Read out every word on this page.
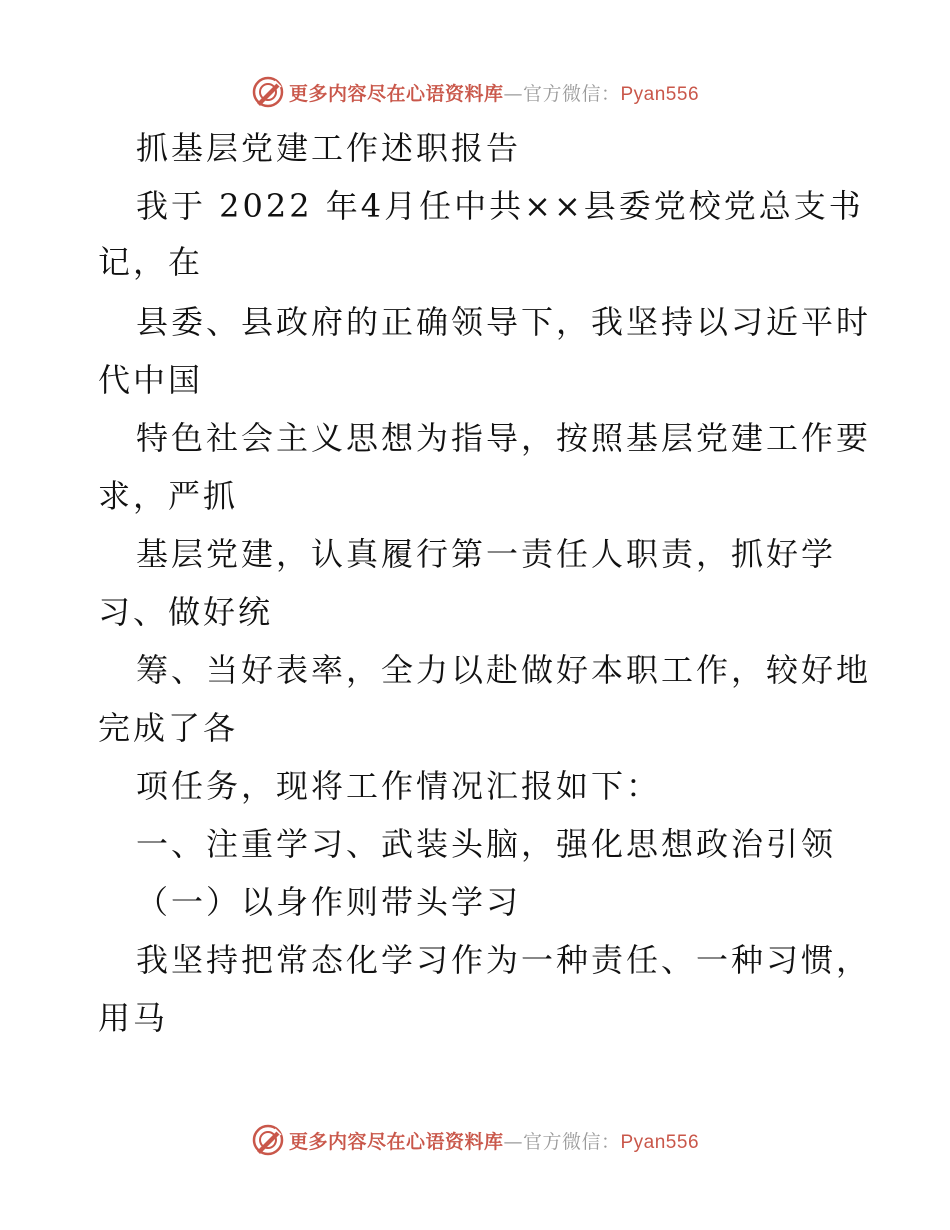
更多内容尽在心语资料库—官方微信：Pyan556
抓基层党建工作述职报告
我于 2022 年4月任中共××县委党校党总支书
记，在
县委、县政府的正确领导下，我坚持以习近平时
代中国
特色社会主义思想为指导，按照基层党建工作要
求，严抓
基层党建，认真履行第一责任人职责，抓好学
习、做好统
筹、当好表率，全力以赴做好本职工作，较好地
完成了各
项任务，现将工作情况汇报如下：
一、注重学习、武装头脑，强化思想政治引领
（一）以身作则带头学习
我坚持把常态化学习作为一种责任、一种习惯，
用马
更多内容尽在心语资料库—官方微信：Pyan556
